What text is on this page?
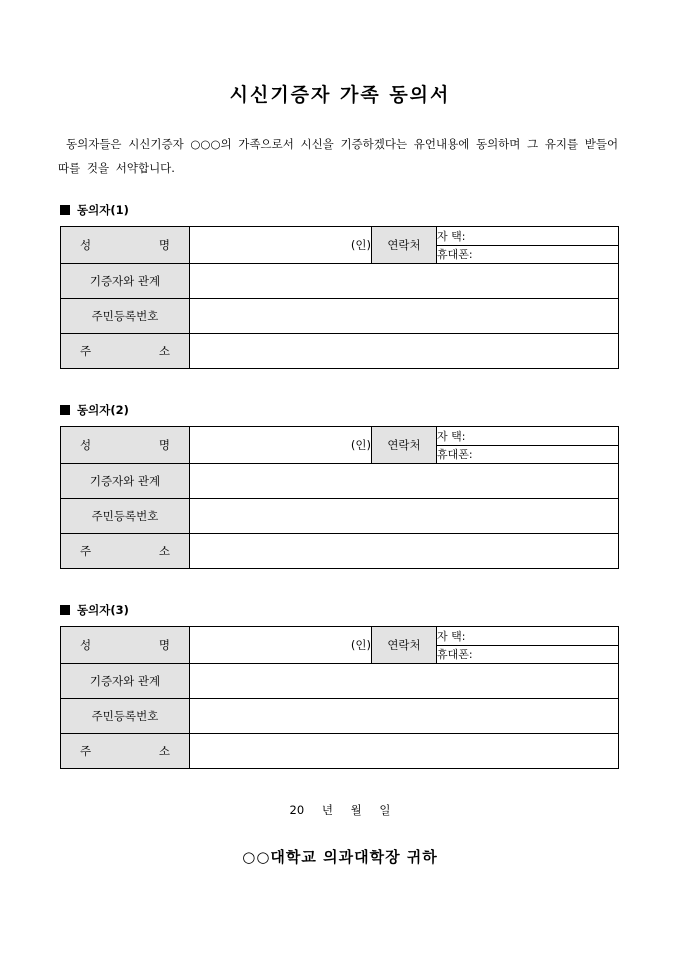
시신기증자 가족 동의서

동의자들은 시신기증자 ○○○의 가족으로서 시신을 기증하겠다는 유언내용에 동의하며 그 유지를 받들어 따를 것을 서약합니다.

동의자(1)

성 명	(인)	연락처	자 택:
			휴대폰:
기증자와 관계			
주민등록번호			
주 소			

동의자(2)

성 명	(인)	연락처	자 택:
			휴대폰:
기증자와 관계			
주민등록번호			
주 소			

동의자(3)

성 명	(인)	연락처	자 택:
			휴대폰:
기증자와 관계			
주민등록번호			
주 소			

20 년 월 일

○○대학교 의과대학장 귀하
